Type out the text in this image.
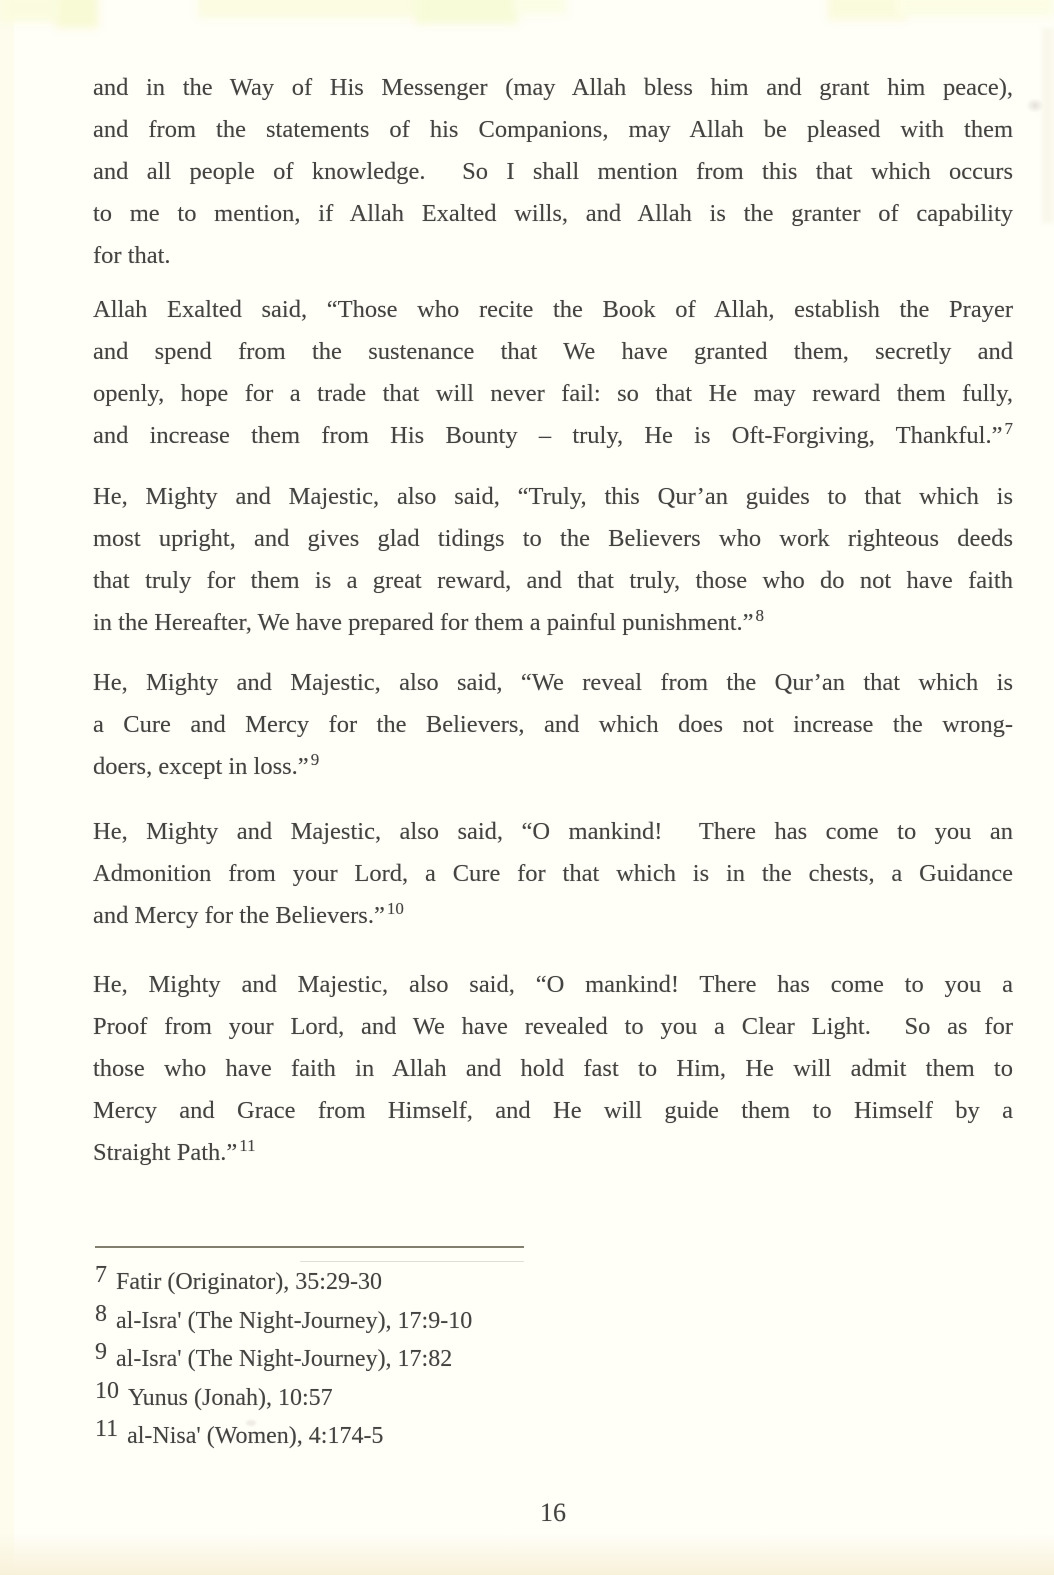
and in the Way of His Messenger (may Allah bless him and grant him peace),
and from the statements of his Companions, may Allah be pleased with them
and all people of knowledge.  So I shall mention from this that which occurs
to me to mention, if Allah Exalted wills, and Allah is the granter of capability
for that.
Allah Exalted said, “Those who recite the Book of Allah, establish the Prayer
and spend from the sustenance that We have granted them, secretly and
openly, hope for a trade that will never fail: so that He may reward them fully,
and increase them from His Bounty – truly, He is Oft-Forgiving, Thankful.” $^7$
He, Mighty and Majestic, also said, “Truly, this Qur’an guides to that which is
most upright, and gives glad tidings to the Believers who work righteous deeds
that truly for them is a great reward, and that truly, those who do not have faith
in the Hereafter, We have prepared for them a painful punishment.” $^8$
He, Mighty and Majestic, also said, “We reveal from the Qur’an that which is
a Cure and Mercy for the Believers, and which does not increase the wrong-
doers, except in loss.” $^9$
He, Mighty and Majestic, also said, “O mankind!  There has come to you an
Admonition from your Lord, a Cure for that which is in the chests, a Guidance
and Mercy for the Believers.” $^{10}$
He, Mighty and Majestic, also said, “O mankind! There has come to you a
Proof from your Lord, and We have revealed to you a Clear Light.  So as for
those who have faith in Allah and hold fast to Him, He will admit them to
Mercy and Grace from Himself, and He will guide them to Himself by a
Straight Path.” $^{11}$
7 Fatir (Originator), 35:29-30
8 al-Isra' (The Night-Journey), 17:9-10
9 al-Isra' (The Night-Journey), 17:82
10 Yunus (Jonah), 10:57
11 al-Nisa' (Women), 4:174-5
16
